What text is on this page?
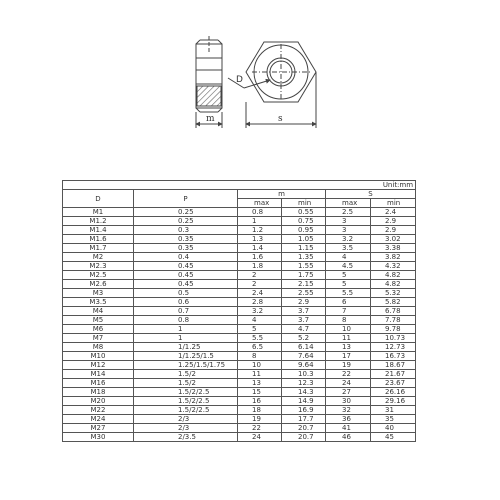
D
m	s
Unit:mm					
D	P	m		S	
		max	min	max	min
M1	0.25	0.8	0.55	2.5	2.4
M1.2	0.25	1	0.75	3	2.9
M1.4	0.3	1.2	0.95	3	2.9
M1.6	0.35	1.3	1.05	3.2	3.02
M1.7	0.35	1.4	1.15	3.5	3.38
M2	0.4	1.6	1.35	4	3.82
M2.3	0.45	1.8	1.55	4.5	4.32
M2.5	0.45	2	1.75	5	4.82
M2.6	0.45	2	2.15	5	4.82
M3	0.5	2.4	2.55	5.5	5.32
M3.5	0.6	2.8	2.9	6	5.82
M4	0.7	3.2	3.7	7	6.78
M5	0.8	4	3.7	8	7.78
M6	1	5	4.7	10	9.78
M7	1	5.5	5.2	11	10.73
M8	1/1.25	6.5	6.14	13	12.73
M10	1/1.25/1.5	8	7.64	17	16.73
M12	1.25/1.5/1.75	10	9.64	19	18.67
M14	1.5/2	11	10.3	22	21.67
M16	1.5/2	13	12.3	24	23.67
M18	1.5/2/2.5	15	14.3	27	26.16
M20	1.5/2/2.5	16	14.9	30	29.16
M22	1.5/2/2.5	18	16.9	32	31
M24	2/3	19	17.7	36	35
M27	2/3	22	20.7	41	40
M30	2/3.5	24	20.7	46	45
